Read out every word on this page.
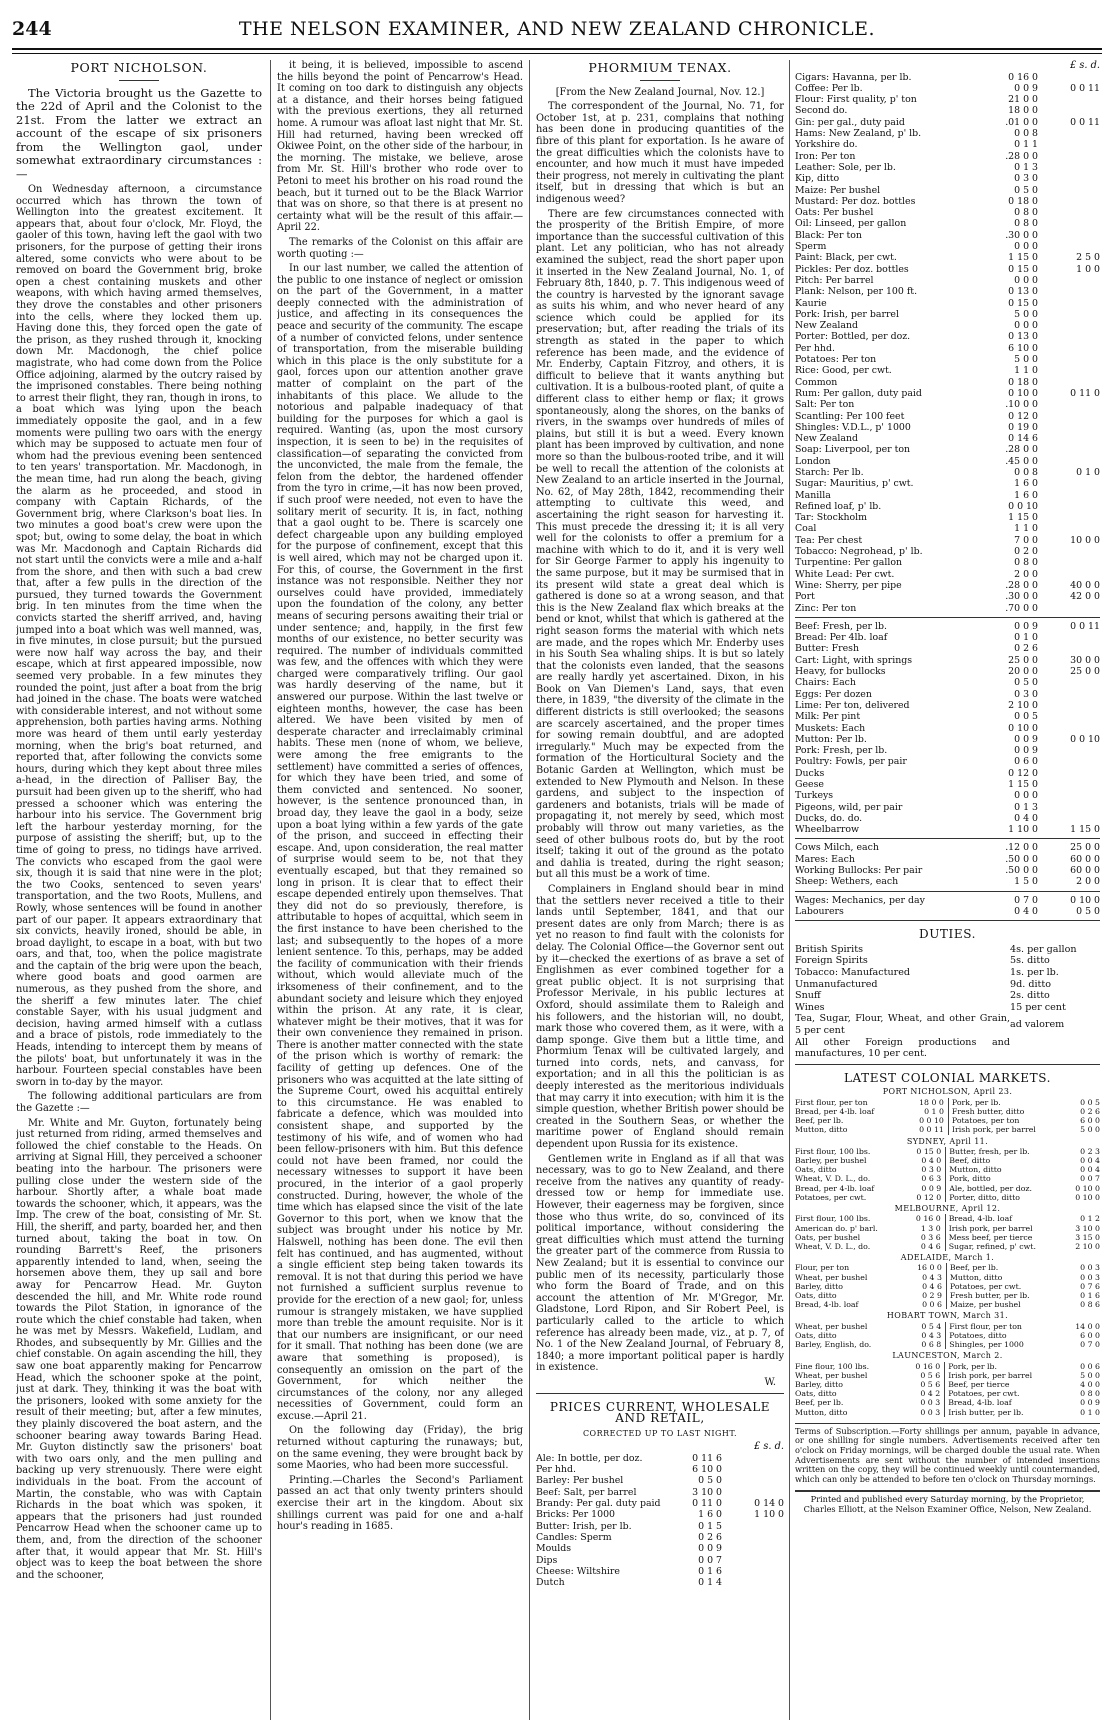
244	THE NELSON EXAMINER, AND NEW ZEALAND CHRONICLE.
PORT NICHOLSON.

The Victoria brought us the Gazette to the 22d of April and the Colonist to the 21st. From the latter we extract an account of the escape of six prisoners from the Wellington gaol, under somewhat extraordinary circumstances :—

On Wednesday afternoon, a circumstance occurred which has thrown the town of Wellington into the greatest excitement. It appears that, about four o'clock, Mr. Floyd, the gaoler of this town, having left the gaol with two prisoners, for the purpose of getting their irons altered, some convicts who were about to be removed on board the Government brig, broke open a chest containing muskets and other weapons, with which having armed themselves, they drove the constables and other prisoners into the cells, where they locked them up. Having done this, they forced open the gate of the prison, as they rushed through it, knocking down Mr. Macdonogh, the chief police magistrate, who had come down from the Police Office adjoining, alarmed by the outcry raised by the imprisoned constables. There being nothing to arrest their flight, they ran, though in irons, to a boat which was lying upon the beach immediately opposite the gaol, and in a few moments were pulling two oars with the energy which may be supposed to actuate men four of whom had the previous evening been sentenced to ten years' transportation. Mr. Macdonogh, in the mean time, had run along the beach, giving the alarm as he proceeded, and stood in company with Captain Richards, of the Government brig, where Clarkson's boat lies. In two minutes a good boat's crew were upon the spot; but, owing to some delay, the boat in which was Mr. Macdonogh and Captain Richards did not start until the convicts were a mile and a-half from the shore, and then with such a bad crew that, after a few pulls in the direction of the pursued, they turned towards the Government brig. In ten minutes from the time when the convicts started the sheriff arrived, and, having jumped into a boat which was well manned, was, in five minutes, in close pursuit; but the pursued were now half way across the bay, and their escape, which at first appeared impossible, now seemed very probable. In a few minutes they rounded the point, just after a boat from the brig had joined in the chase. The boats were watched with considerable interest, and not without some apprehension, both parties having arms. Nothing more was heard of them until early yesterday morning, when the brig's boat returned, and reported that, after following the convicts some hours, during which they kept about three miles a-head, in the direction of Palliser Bay, the pursuit had been given up to the sheriff, who had pressed a schooner which was entering the harbour into his service. The Government brig left the harbour yesterday morning, for the purpose of assisting the sheriff; but, up to the time of going to press, no tidings have arrived. The convicts who escaped from the gaol were six, though it is said that nine were in the plot; the two Cooks, sentenced to seven years' transportation, and the two Roots, Mullens, and Rowly, whose sentences will be found in another part of our paper. It appears extraordinary that six convicts, heavily ironed, should be able, in broad daylight, to escape in a boat, with but two oars, and that, too, when the police magistrate and the captain of the brig were upon the beach, where good boats and good oarmen are numerous, as they pushed from the shore, and the sheriff a few minutes later. The chief constable Sayer, with his usual judgment and decision, having armed himself with a cutlass and a brace of pistols, rode immediately to the Heads, intending to intercept them by means of the pilots' boat, but unfortunately it was in the harbour. Fourteen special constables have been sworn in to-day by the mayor.

The following additional particulars are from the Gazette :—

Mr. White and Mr. Guyton, fortunately being just returned from riding, armed themselves and followed the chief constable to the Heads. On arriving at Signal Hill, they perceived a schooner beating into the harbour. The prisoners were pulling close under the western side of the harbour. Shortly after, a whale boat made towards the schooner, which, it appears, was the Imp. The crew of the boat, consisting of Mr. St. Hill, the sheriff, and party, boarded her, and then turned about, taking the boat in tow. On rounding Barrett's Reef, the prisoners apparently intended to land, when, seeing the horsemen above them, they up sail and bore away for Pencarrow Head. Mr. Guyton descended the hill, and Mr. White rode round towards the Pilot Station, in ignorance of the route which the chief constable had taken, when he was met by Messrs. Wakefield, Ludlam, and Rhodes, and subsequently by Mr. Gillies and the chief constable. On again ascending the hill, they saw one boat apparently making for Pencarrow Head, which the schooner spoke at the point, just at dark. They, thinking it was the boat with the prisoners, looked with some anxiety for the result of their meeting; but, after a few minutes, they plainly discovered the boat astern, and the schooner bearing away towards Baring Head. Mr. Guyton distinctly saw the prisoners' boat with two oars only, and the men pulling and backing up very strenuously. There were eight individuals in the boat. From the account of Martin, the constable, who was with Captain Richards in the boat which was spoken, it appears that the prisoners had just rounded Pencarrow Head when the schooner came up to them, and, from the direction of the schooner after that, it would appear that Mr. St. Hill's object was to keep the boat between the shore and the schooner,

it being, it is believed, impossible to ascend the hills beyond the point of Pencarrow's Head. It coming on too dark to distinguish any objects at a distance, and their horses being fatigued with the previous exertions, they all returned home. A rumour was afloat last night that Mr. St. Hill had returned, having been wrecked off Okiwee Point, on the other side of the harbour, in the morning. The mistake, we believe, arose from Mr. St. Hill's brother who rode over to Petoni to meet his brother on his road round the beach, but it turned out to be the Black Warrior that was on shore, so that there is at present no certainty what will be the result of this affair.—April 22.

The remarks of the Colonist on this affair are worth quoting :—

In our last number, we called the attention of the public to one instance of neglect or omission on the part of the Government, in a matter deeply connected with the administration of justice, and affecting in its consequences the peace and security of the community. The escape of a number of convicted felons, under sentence of transportation, from the miserable building which in this place is the only substitute for a gaol, forces upon our attention another grave matter of complaint on the part of the inhabitants of this place. We allude to the notorious and palpable inadequacy of that building for the purposes for which a gaol is required. Wanting (as, upon the most cursory inspection, it is seen to be) in the requisites of classification—of separating the convicted from the unconvicted, the male from the female, the felon from the debtor, the hardened offender from the tyro in crime,—it has now been proved, if such proof were needed, not even to have the solitary merit of security. It is, in fact, nothing that a gaol ought to be. There is scarcely one defect chargeable upon any building employed for the purpose of confinement, except that this is well aired, which may not be charged upon it. For this, of course, the Government in the first instance was not responsible. Neither they nor ourselves could have provided, immediately upon the foundation of the colony, any better means of securing persons awaiting their trial or under sentence; and, happily, in the first few months of our existence, no better security was required. The number of individuals committed was few, and the offences with which they were charged were comparatively trifling. Our gaol was hardly deserving of the name, but it answered our purpose. Within the last twelve or eighteen months, however, the case has been altered. We have been visited by men of desperate character and irreclaimably criminal habits. These men (none of whom, we believe, were among the free emigrants to the settlement) have committed a series of offences, for which they have been tried, and some of them convicted and sentenced. No sooner, however, is the sentence pronounced than, in broad day, they leave the gaol in a body, seize upon a boat lying within a few yards of the gate of the prison, and succeed in effecting their escape. And, upon consideration, the real matter of surprise would seem to be, not that they eventually escaped, but that they remained so long in prison. It is clear that to effect their escape depended entirely upon themselves. That they did not do so previously, therefore, is attributable to hopes of acquittal, which seem in the first instance to have been cherished to the last; and subsequently to the hopes of a more lenient sentence. To this, perhaps, may be added the facility of communication with their friends without, which would alleviate much of the irksomeness of their confinement, and to the abundant society and leisure which they enjoyed within the prison. At any rate, it is clear, whatever might be their motives, that it was for their own convenience they remained in prison. There is another matter connected with the state of the prison which is worthy of remark: the facility of getting up defences. One of the prisoners who was acquitted at the late sitting of the Supreme Court, owed his acquittal entirely to this circumstance. He was enabled to fabricate a defence, which was moulded into consistent shape, and supported by the testimony of his wife, and of women who had been fellow-prisoners with him. But this defence could not have been framed, nor could the necessary witnesses to support it have been procured, in the interior of a gaol properly constructed. During, however, the whole of the time which has elapsed since the visit of the late Governor to this port, when we know that the subject was brought under his notice by Mr. Halswell, nothing has been done. The evil then felt has continued, and has augmented, without a single efficient step being taken towards its removal. It is not that during this period we have not furnished a sufficient surplus revenue to provide for the erection of a new gaol; for, unless rumour is strangely mistaken, we have supplied more than treble the amount requisite. Nor is it that our numbers are insignificant, or our need for it small. That nothing has been done (we are aware that something is proposed), is consequently an omission on the part of the Government, for which neither the circumstances of the colony, nor any alleged necessities of Government, could form an excuse.—April 21.

On the following day (Friday), the brig returned without capturing the runaways; but, on the same evening, they were brought back by some Maories, who had been more successful.

Printing.—Charles the Second's Parliament passed an act that only twenty printers should exercise their art in the kingdom. About six shillings current was paid for one and a-half hour's reading in 1685.

PHORMIUM TENAX.

[From the New Zealand Journal, Nov. 12.]

The correspondent of the Journal, No. 71, for October 1st, at p. 231, complains that nothing has been done in producing quantities of the fibre of this plant for exportation. Is he aware of the great difficulties which the colonists have to encounter, and how much it must have impeded their progress, not merely in cultivating the plant itself, but in dressing that which is but an indigenous weed?

There are few circumstances connected with the prosperity of the British Empire, of more importance than the successful cultivation of this plant. Let any politician, who has not already examined the subject, read the short paper upon it inserted in the New Zealand Journal, No. 1, of February 8th, 1840, p. 7. This indigenous weed of the country is harvested by the ignorant savage as suits his whim, and who never heard of any science which could be applied for its preservation; but, after reading the trials of its strength as stated in the paper to which reference has been made, and the evidence of Mr. Enderby, Captain Fitzroy, and others, it is difficult to believe that it wants anything but cultivation. It is a bulbous-rooted plant, of quite a different class to either hemp or flax; it grows spontaneously, along the shores, on the banks of rivers, in the swamps over hundreds of miles of plains, but still it is but a weed. Every known plant has been improved by cultivation, and none more so than the bulbous-rooted tribe, and it will be well to recall the attention of the colonists at New Zealand to an article inserted in the Journal, No. 62, of May 28th, 1842, recommending their attempting to cultivate this weed, and ascertaining the right season for harvesting it. This must precede the dressing it; it is all very well for the colonists to offer a premium for a machine with which to do it, and it is very well for Sir George Farmer to apply his ingenuity to the same purpose, but it may be surmised that in its present wild state a great deal which is gathered is done so at a wrong season, and that this is the New Zealand flax which breaks at the bend or knot, whilst that which is gathered at the right season forms the material with which nets are made, and the ropes which Mr. Enderby uses in his South Sea whaling ships. It is but so lately that the colonists even landed, that the seasons are really hardly yet ascertained. Dixon, in his Book on Van Diemen's Land, says, that even there, in 1839, "the diversity of the climate in the different districts is still overlooked; the seasons are scarcely ascertained, and the proper times for sowing remain doubtful, and are adopted irregularly." Much may be expected from the formation of the Horticultural Society and the Botanic Garden at Wellington, which must be extended to New Plymouth and Nelson. In these gardens, and subject to the inspection of gardeners and botanists, trials will be made of propagating it, not merely by seed, which most probably will throw out many varieties, as the seed of other bulbous roots do, but by the root itself; taking it out of the ground as the potato and dahlia is treated, during the right season; but all this must be a work of time.

Complainers in England should bear in mind that the settlers never received a title to their lands until September, 1841, and that our present dates are only from March; there is as yet no reason to find fault with the colonists for delay. The Colonial Office—the Governor sent out by it—checked the exertions of as brave a set of Englishmen as ever combined together for a great public object. It is not surprising that Professor Merivale, in his public lectures at Oxford, should assimilate them to Raleigh and his followers, and the historian will, no doubt, mark those who covered them, as it were, with a damp sponge. Give them but a little time, and Phormium Tenax will be cultivated largely, and turned into cords, nets, and canvass, for exportation; and in all this the politician is as deeply interested as the meritorious individuals that may carry it into execution; with him it is the simple question, whether British power should be created in the Southern Seas, or whether the maritime power of England should remain dependent upon Russia for its existence.

Gentlemen write in England as if all that was necessary, was to go to New Zealand, and there receive from the natives any quantity of ready-dressed tow or hemp for immediate use. However, their eagerness may be forgiven, since those who thus write, do so, convinced of its political importance, without considering the great difficulties which must attend the turning the greater part of the commerce from Russia to New Zealand; but it is essential to convince our public men of its necessity, particularly those who form the Board of Trade, and on this account the attention of Mr. M'Gregor, Mr. Gladstone, Lord Ripon, and Sir Robert Peel, is particularly called to the article to which reference has already been made, viz., at p. 7, of No. 1 of the New Zealand Journal, of February 8, 1840; a more important political paper is hardly in existence.

W.
PRICES CURRENT, WHOLESALE AND RETAIL,
CORRECTED UP TO LAST NIGHT.
£ s. d.
Ale: In bottle, per doz.	0 11 6	
Per hhd.	6 10 0	
Barley: Per bushel	0 5 0	
Beef: Salt, per barrel	3 10 0	
Brandy: Per gal. duty paid	0 11 0	0 14 0
Bricks: Per 1000	1 6 0	1 10 0
Butter: Irish, per lb.	0 1 5	
Candles: Sperm	0 2 6	
Moulds	0 0 9	
Dips	0 0 7	
Cheese: Wiltshire	0 1 6	
Dutch	0 1 4	
£ s. d.
Cigars: Havanna, per lb.	0 16 0	
Coffee: Per lb.	0 0 9	0 0 11
Flour: First quality, p' ton	21 0 0	
Second do.	18 0 0	
Gin: per gal., duty paid	.01 0 0	0 0 11
Hams: New Zealand, p' lb.	0 0 8	
Yorkshire do.	0 1 1	
Iron: Per ton	.28 0 0	
Leather: Sole, per lb.	0 1 3	
Kip, ditto	0 3 0	
Maize: Per bushel	0 5 0	
Mustard: Per doz. bottles	0 18 0	
Oats: Per bushel	0 8 0	
Oil: Linseed, per gallon	0 8 0	
Black: Per ton	.30 0 0	
Sperm	0 0 0	
Paint: Black, per cwt.	1 15 0	2 5 0
Pickles: Per doz. bottles	0 15 0	1 0 0
Pitch: Per barrel	0 0 0	
Plank: Nelson, per 100 ft.	0 13 0	
Kaurie	0 15 0	
Pork: Irish, per barrel	5 0 0	
New Zealand	0 0 0	
Porter: Bottled, per doz.	0 13 0	
Per hhd.	6 10 0	
Potatoes: Per ton	5 0 0	
Rice: Good, per cwt.	1 1 0	
Common	0 18 0	
Rum: Per gallon, duty paid	0 10 0	0 11 0
Salt: Per ton	.10 0 0	
Scantling: Per 100 feet	0 12 0	
Shingles: V.D.L., p' 1000	0 19 0	
New Zealand	0 14 6	
Soap: Liverpool, per ton	.28 0 0	
London	.45 0 0	
Starch: Per lb.	0 0 8	0 1 0
Sugar: Mauritius, p' cwt.	1 6 0	
Manilla	1 6 0	
Refined loaf, p' lb.	0 0 10	
Tar: Stockholm	1 15 0	
Coal	1 1 0	
Tea: Per chest	7 0 0	10 0 0
Tobacco: Negrohead, p' lb.	0 2 0	
Turpentine: Per gallon	0 8 0	
White Lead: Per cwt.	2 0 0	
Wine: Sherry, per pipe	.28 0 0	40 0 0
Port	.30 0 0	42 0 0
Zinc: Per ton	.70 0 0	
Beef: Fresh, per lb.	0 0 9	0 0 11
Bread: Per 4lb. loaf	0 1 0	
Butter: Fresh	0 2 6	
Cart: Light, with springs	25 0 0	30 0 0
Heavy, for bullocks	20 0 0	25 0 0
Chairs: Each	0 5 0	
Eggs: Per dozen	0 3 0	
Lime: Per ton, delivered	2 10 0	
Milk: Per pint	0 0 5	
Muskets: Each	0 10 0	
Mutton: Per lb.	0 0 9	0 0 10
Pork: Fresh, per lb.	0 0 9	
Poultry: Fowls, per pair	0 6 0	
Ducks	0 12 0	
Geese	1 15 0	
Turkeys	0 0 0	
Pigeons, wild, per pair	0 1 3	
Ducks, do. do.	0 4 0	
Wheelbarrow	1 10 0	1 15 0
Cows Milch, each	.12 0 0	25 0 0
Mares: Each	.50 0 0	60 0 0
Working Bullocks: Per pair	.50 0 0	60 0 0
Sheep: Wethers, each	1 5 0	2 0 0
Wages: Mechanics, per day	0 7 0	0 10 0
Labourers	0 4 0	0 5 0
DUTIES.
British Spirits	4s. per gallon
Foreign Spirits	5s. ditto
Tobacco: Manufactured	1s. per lb.
Unmanufactured	9d. ditto
Snuff	2s. ditto
Wines	15 per cent
Tea, Sugar, Flour, Wheat, and other Grain, 5 per cent	ad valorem
All other Foreign productions and manufactures, 10 per cent.	
LATEST COLONIAL MARKETS.
PORT NICHOLSON, April 23.
First flour, per ton	18 0 0	Pork, per lb.	0 0 5
Bread, per 4-lb. loaf	0 1 0	Fresh butter, ditto	0 2 6
Beef, per lb.	0 0 10	Potatoes, per ton	6 0 0
Mutton, ditto	0 0 11	Irish pork, per barrel	5 0 0
SYDNEY, April 11.
First flour, 100 lbs.	0 15 0	Butter, fresh, per lb.	0 2 3
Barley, per bushel	0 4 0	Beef, ditto	0 0 4
Oats, ditto	0 3 0	Mutton, ditto	0 0 4
Wheat, V. D. L., do.	0 6 3	Pork, ditto	0 0 7
Bread, per 4-lb. loaf	0 0 9	Ale, bottled, per doz.	0 10 0
Potatoes, per cwt.	0 12 0	Porter, ditto, ditto	0 10 0
MELBOURNE, April 12.
First flour, 100 lbs.	0 16 0	Bread, 4-lb. loaf	0 1 2
American do. p' barl.	1 3 0	Irish pork, per barrel	3 10 0
Oats, per bushel	0 3 6	Mess beef, per tierce	3 15 0
Wheat, V. D. L., do.	0 4 6	Sugar, refined, p' cwt.	2 10 0
ADELAIDE, March 1.
Flour, per ton	16 0 0	Beef, per lb.	0 0 3
Wheat, per bushel	0 4 3	Mutton, ditto	0 0 3
Barley, ditto	0 4 6	Potatoes, per cwt.	0 7 6
Oats, ditto	0 2 9	Fresh butter, per lb.	0 1 6
Bread, 4-lb. loaf	0 0 6	Maize, per bushel	0 8 6
HOBART TOWN, March 31.
Wheat, per bushel	0 5 4	First flour, per ton	14 0 0
Oats, ditto	0 4 3	Potatoes, ditto	6 0 0
Barley, English, do.	0 6 8	Shingles, per 1000	0 7 0
LAUNCESTON, March 2.
Fine flour, 100 lbs.	0 16 0	Pork, per lb.	0 0 6
Wheat, per bushel	0 5 6	Irish pork, per barrel	5 0 0
Barley, ditto	0 5 6	Beef, per tierce	4 0 0
Oats, ditto	0 4 2	Potatoes, per cwt.	0 8 0
Beef, per lb.	0 0 3	Bread, 4-lb. loaf	0 0 9
Mutton, ditto	0 0 3	Irish butter, per lb.	0 1 0
Terms of Subscription.—Forty shillings per annum, payable in advance, or one shilling for single numbers. Advertisements received after ten o'clock on Friday mornings, will be charged double the usual rate. When Advertisements are sent without the number of intended insertions written on the copy, they will be continued weekly until countermanded, which can only be attended to before ten o'clock on Thursday mornings.
Printed and published every Saturday morning, by the Proprietor, Charles Elliott, at the Nelson Examiner Office, Nelson, New Zealand.
